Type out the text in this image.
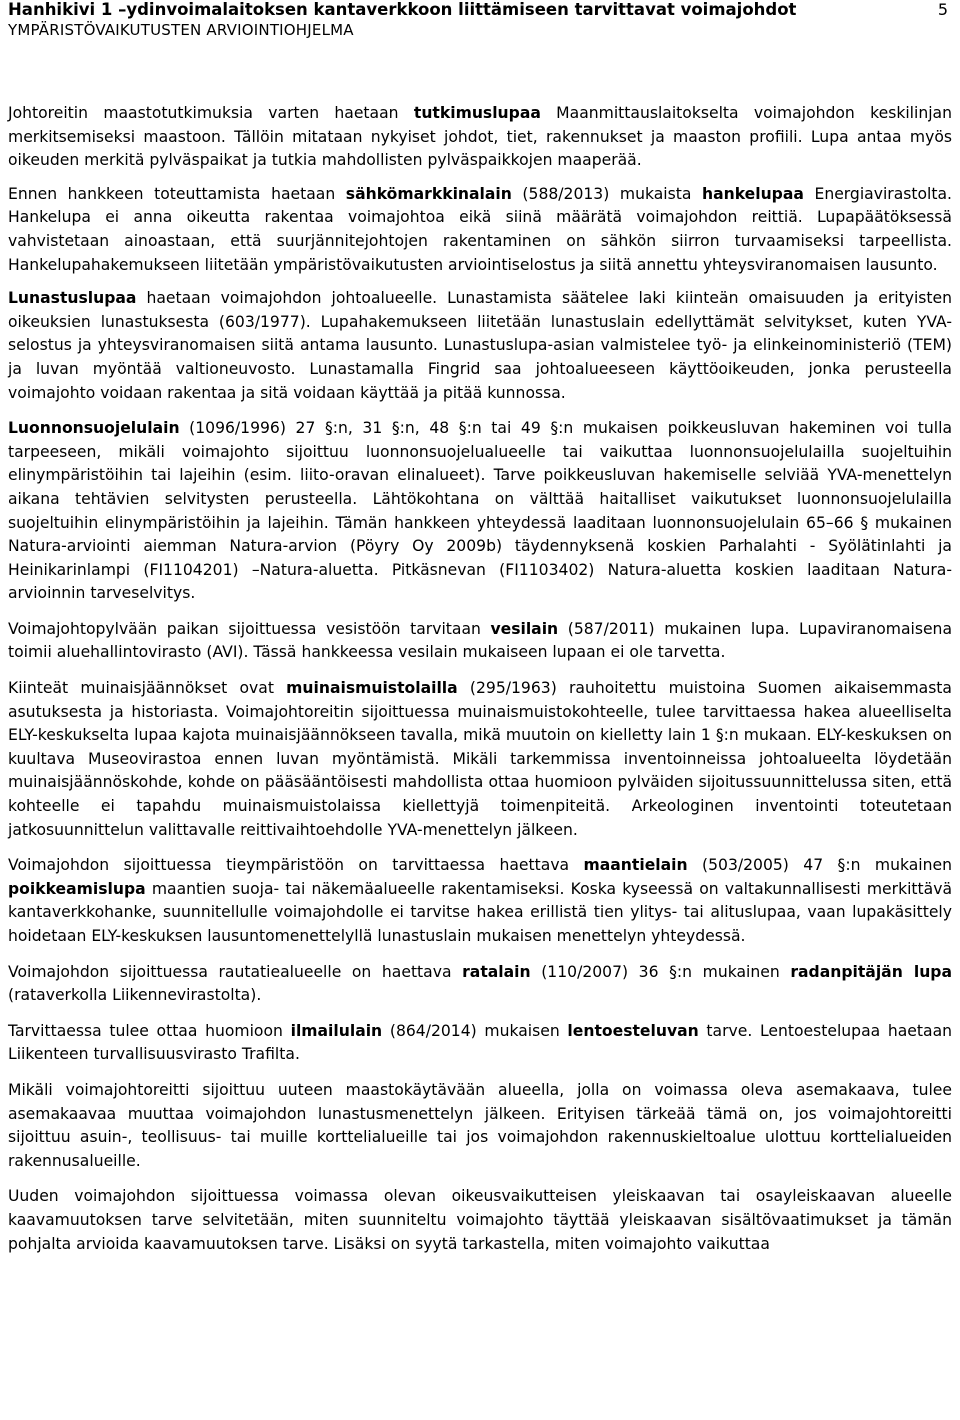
Hanhikivi 1 –ydinvoimalaitoksen kantaverkkoon liittämiseen tarvittavat voimajohdot
YMPÄRISTÖVAIKUTUSTEN ARVIOINTIOHJELMA
5

Johtoreitin maastotutkimuksia varten haetaan tutkimuslupaa Maanmittauslaitokselta voimajohdon keskilinjan merkitsemiseksi maastoon. Tällöin mitataan nykyiset johdot, tiet, rakennukset ja maaston profiili. Lupa antaa myös oikeuden merkitä pylväspaikat ja tutkia mahdollisten pylväspaikkojen maaperää.

Ennen hankkeen toteuttamista haetaan sähkömarkkinalain (588/2013) mukaista hankelupaa Energiavirastolta. Hankelupa ei anna oikeutta rakentaa voimajohtoa eikä siinä määrätä voimajohdon reittiä. Lupapäätöksessä vahvistetaan ainoastaan, että suurjännitejohtojen rakentaminen on sähkön siirron turvaamiseksi tarpeellista. Hankelupahakemukseen liitetään ympäristövaikutusten arviointiselostus ja siitä annettu yhteysviranomaisen lausunto.

Lunastuslupaa haetaan voimajohdon johtoalueelle. Lunastamista säätelee laki kiinteän omaisuuden ja erityisten oikeuksien lunastuksesta (603/1977). Lupahakemukseen liitetään lunastuslain edellyttämät selvitykset, kuten YVA-selostus ja yhteysviranomaisen siitä antama lausunto. Lunastuslupa-asian valmistelee työ- ja elinkeinoministeriö (TEM) ja luvan myöntää valtioneuvosto. Lunastamalla Fingrid saa johtoalueeseen käyttöoikeuden, jonka perusteella voimajohto voidaan rakentaa ja sitä voidaan käyttää ja pitää kunnossa.

Luonnonsuojelulain (1096/1996) 27 §:n, 31 §:n, 48 §:n tai 49 §:n mukaisen poikkeusluvan hakeminen voi tulla tarpeeseen, mikäli voimajohto sijoittuu luonnonsuojelualueelle tai vaikuttaa luonnonsuojelulailla suojeltuihin elinympäristöihin tai lajeihin (esim. liito-oravan elinalueet). Tarve poikkeusluvan hakemiselle selviää YVA-menettelyn aikana tehtävien selvitysten perusteella. Lähtökohtana on välttää haitalliset vaikutukset luonnonsuojelulailla suojeltuihin elinympäristöihin ja lajeihin. Tämän hankkeen yhteydessä laaditaan luonnonsuojelulain 65–66 § mukainen Natura-arviointi aiemman Natura-arvion (Pöyry Oy 2009b) täydennyksenä koskien Parhalahti - Syölätinlahti ja Heinikarinlampi (FI1104201) –Natura-aluetta. Pitkäsnevan (FI1103402) Natura-aluetta koskien laaditaan Natura-arvioinnin tarveselvitys.

Voimajohtopylvään paikan sijoittuessa vesistöön tarvitaan vesilain (587/2011) mukainen lupa. Lupaviranomaisena toimii aluehallintovirasto (AVI). Tässä hankkeessa vesilain mukaiseen lupaan ei ole tarvetta.

Kiinteät muinaisjäännökset ovat muinaismuistolailla (295/1963) rauhoitettu muistoina Suomen aikaisemmasta asutuksesta ja historiasta. Voimajohtoreitin sijoittuessa muinaismuistokohteelle, tulee tarvittaessa hakea alueelliselta ELY-keskukselta lupaa kajota muinaisjäännökseen tavalla, mikä muutoin on kielletty lain 1 §:n mukaan. ELY-keskuksen on kuultava Museovirastoa ennen luvan myöntämistä. Mikäli tarkemmissa inventoinneissa johtoalueelta löydetään muinaisjäännöskohde, kohde on pääsääntöisesti mahdollista ottaa huomioon pylväiden sijoitussuunnittelussa siten, että kohteelle ei tapahdu muinaismuistolaissa kiellettyjä toimenpiteitä. Arkeologinen inventointi toteutetaan jatkosuunnittelun valittavalle reittivaihtoehdolle YVA-menettelyn jälkeen.

Voimajohdon sijoittuessa tieympäristöön on tarvittaessa haettava maantielain (503/2005) 47 §:n mukainen poikkeamislupa maantien suoja- tai näkemäalueelle rakentamiseksi. Koska kyseessä on valtakunnallisesti merkittävä kantaverkkohanke, suunnitellulle voimajohdolle ei tarvitse hakea erillistä tien ylitys- tai alituslupaa, vaan lupakäsittely hoidetaan ELY-keskuksen lausuntomenettelyllä lunastuslain mukaisen menettelyn yhteydessä.

Voimajohdon sijoittuessa rautatiealueelle on haettava ratalain (110/2007) 36 §:n mukainen radanpitäjän lupa (rataverkolla Liikennevirastolta).

Tarvittaessa tulee ottaa huomioon ilmailulain (864/2014) mukaisen lentoesteluvan tarve. Lentoestelupaa haetaan Liikenteen turvallisuusvirasto Trafilta.

Mikäli voimajohtoreitti sijoittuu uuteen maastokäytävään alueella, jolla on voimassa oleva asemakaava, tulee asemakaavaa muuttaa voimajohdon lunastusmenettelyn jälkeen. Erityisen tärkeää tämä on, jos voimajohtoreitti sijoittuu asuin-, teollisuus- tai muille korttelialueille tai jos voimajohdon rakennuskieltoalue ulottuu korttelialueiden rakennusalueille.

Uuden voimajohdon sijoittuessa voimassa olevan oikeusvaikutteisen yleiskaavan tai osayleiskaavan alueelle kaavamuutoksen tarve selvitetään, miten suunniteltu voimajohto täyttää yleiskaavan sisältövaatimukset ja tämän pohjalta arvioida kaavamuutoksen tarve. Lisäksi on syytä tarkastella, miten voimajohto vaikuttaa
